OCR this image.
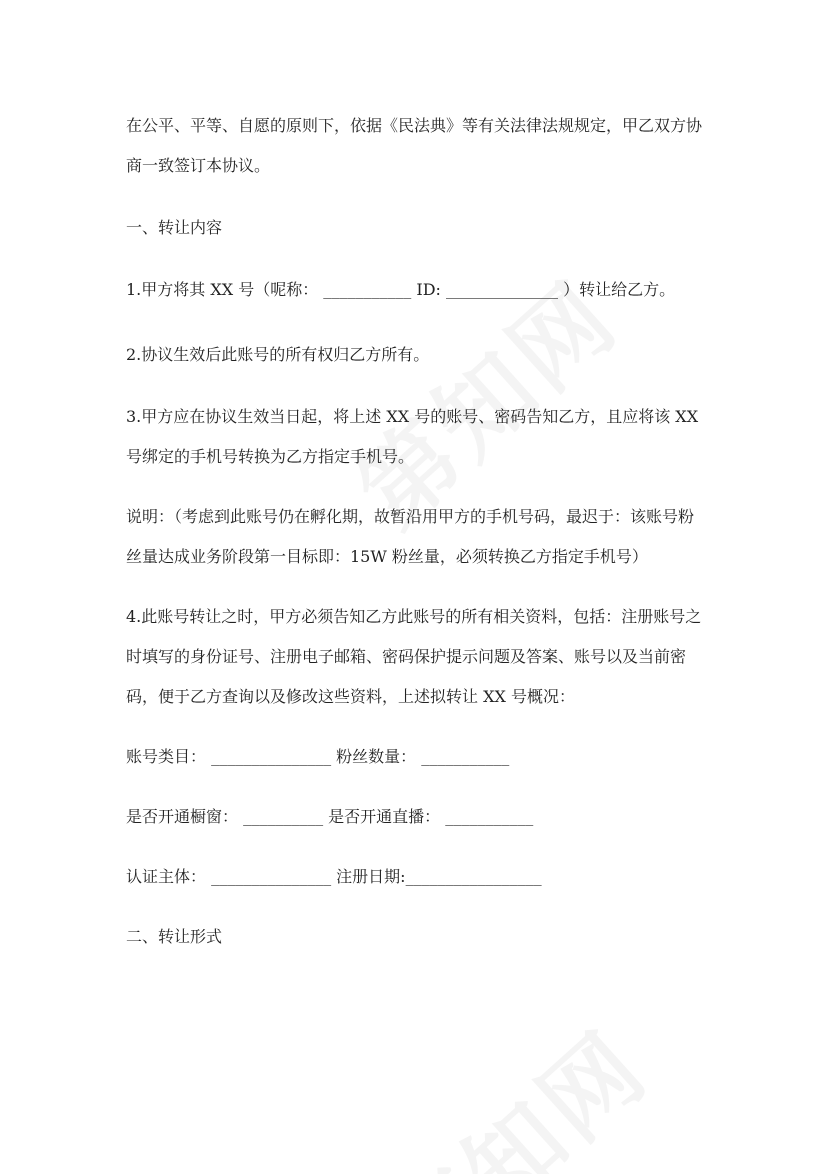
在公平、平等、自愿的原则下，依据《民法典》等有关法律法规规定，甲乙双方协商一致签订本协议。

一、转让内容

1.甲方将其 XX 号（呢称： ___________ ID: ______________ ）转让给乙方。

2.协议生效后此账号的所有权归乙方所有。

3.甲方应在协议生效当日起，将上述 XX 号的账号、密码告知乙方，且应将该 XX 号绑定的手机号转换为乙方指定手机号。

说明：（考虑到此账号仍在孵化期，故暂沿用甲方的手机号码，最迟于：该账号粉丝量达成业务阶段第一目标即：15W 粉丝量，必须转换乙方指定手机号）

4.此账号转让之时，甲方必须告知乙方此账号的所有相关资料，包括：注册账号之时填写的身份证号、注册电子邮箱、密码保护提示问题及答案、账号以及当前密码，便于乙方查询以及修改这些资料，上述拟转让 XX 号概况：

账号类目： _______________ 粉丝数量： ___________

是否开通橱窗： __________ 是否开通直播： ___________

认证主体： _______________ 注册日期:_________________

二、转让形式
